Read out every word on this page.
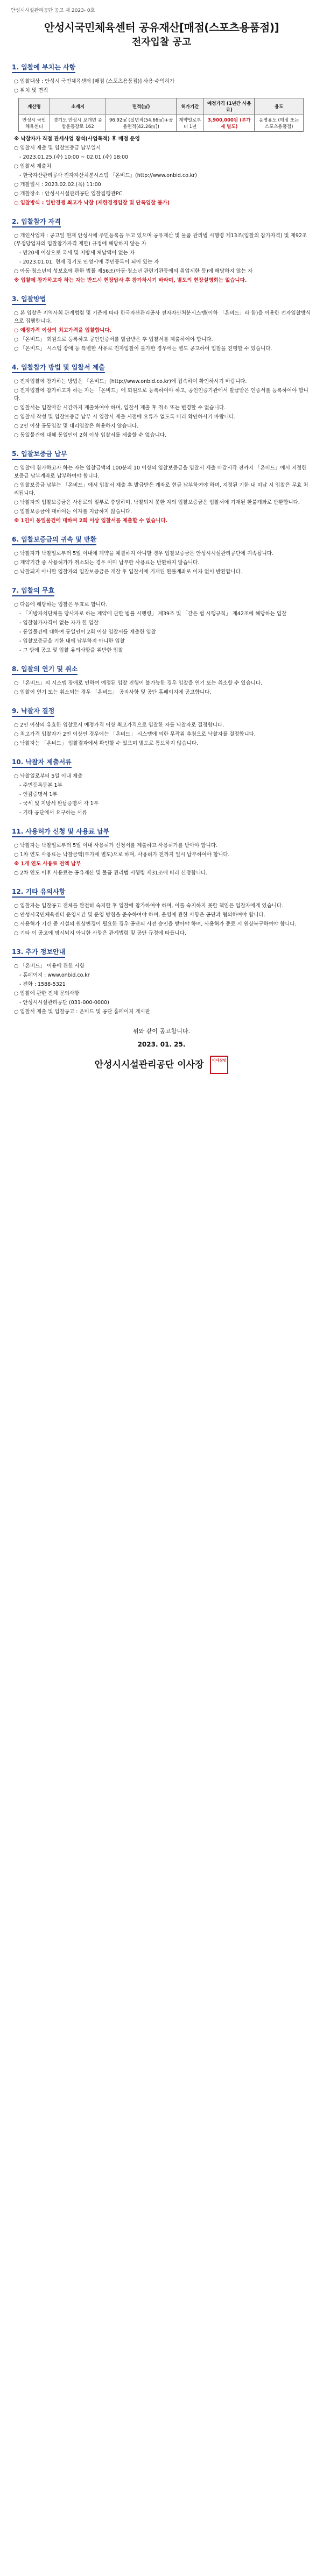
안성시시설관리공단 공고 제 2023- 0호
안성시국민체육센터 공유재산[매점(스포츠용품점)]
전자입찰 공고
1. 입찰에 부치는 사항
○ 입찰대상 : 안성시 국민체육센터 [매점 (스포츠용품점)] 사용·수익허가
○ 위치 및 면적
재산명	소재지	면적(㎡)	허가기간	예정가격 (1년간 사용료)	용도
안성시 국민체육센터	경기도 안성시 보개면 종합운동장로 162	96.92㎡ (실면적(54.66㎡)+공용면적(42.26㎡))	계약일로부터 1년	3,900,000원 (부가세 별도)	운영용도 (매점 또는 스포츠용품점)
※ 낙찰자가 직접 관세사업 참석(사업목적) 후 매점 운영
○ 입찰서 제출 및 입찰보증금 납부일시
- 2023.01.25.(수) 10:00 ~ 02.01.(수) 18:00
○ 입찰서 제출처
- 한국자산관리공사 전자자산처분시스템 「온비드」(http://www.onbid.co.kr)
○ 개찰일시 : 2023.02.02.(목) 11:00
○ 개찰장소 : 안성시시설관리공단 입찰집행관PC
○ 입찰방식 : 일반경쟁 최고가 낙찰 (제한경쟁입찰 및 단독입찰 불가)
2. 입찰참가 자격
○ 개인사업자 : 공고일 현재 안성시에 주민등록을 두고 있으며 공유재산 및 물품 관리법 시행령 제13조(입찰의 참가자격) 및 제92조(부정당업자의 입찰참가자격 제한) 규정에 해당하지 않는 자
- 만20세 이상으로 국세 및 지방세 체납액이 없는 자
- 2023.01.01. 현재 경기도 안성시에 주민등록이 되어 있는 자
○ 아동·청소년의 성보호에 관한 법률 제56조(아동·청소년 관련기관등에의 취업제한 등)에 해당하지 않는 자
※ 입찰에 참가하고자 하는 자는 반드시 현장답사 후 참가하시기 바라며, 별도의 현장설명회는 없습니다.
3. 입찰방법
○ 본 입찰은 지역사회 관계법령 및 기준에 따라 한국자산관리공사 전자자산처분시스템(이하 「온비드」라 함)을 이용한 전자입찰방식으로 집행합니다.
○ 예정가격 이상의 최고가격을 입찰합니다.
○ 「온비드」 회원으로 등록하고 공인인증서를 발급받은 후 입찰서를 제출하여야 합니다.
○ 「온비드」 시스템 장애 등 특별한 사유로 전자입찰이 불가한 경우에는 별도 공고하여 입찰을 진행할 수 있습니다.
4. 입찰참가 방법 및 입찰서 제출
○ 전자입찰에 참가하는 방법은 「온비드」(http://www.onbid.co.kr)에 접속하여 확인하시기 바랍니다.
○ 전자입찰에 참가하고자 하는 자는 「온비드」에 회원으로 등록하여야 하고, 공인인증기관에서 발급받은 인증서를 등록하여야 합니다.
○ 입찰서는 입찰마감 시간까지 제출하여야 하며, 입찰서 제출 후 취소 또는 변경할 수 없습니다.
○ 입찰서 작성 및 입찰보증금 납부 시 입찰서 제출 시점에 오류가 없도록 미리 확인하시기 바랍니다.
○ 2인 이상 공동입찰 및 대리입찰은 허용하지 않습니다.
○ 동일물건에 대해 동일인이 2회 이상 입찰서를 제출할 수 없습니다.
5. 입찰보증금 납부
○ 입찰에 참가하고자 하는 자는 입찰금액의 100분의 10 이상의 입찰보증금을 입찰서 제출 마감시각 전까지 「온비드」에서 지정한 보증금 납부계좌로 납부하여야 합니다.
○ 입찰보증금 납부는 「온비드」에서 입찰서 제출 후 발급받은 계좌로 현금 납부하여야 하며, 지정된 기한 내 미납 시 입찰은 무효 처리됩니다.
○ 낙찰자의 입찰보증금은 사용료의 일부로 충당하며, 낙찰되지 못한 자의 입찰보증금은 입찰서에 기재된 환불계좌로 반환합니다.
○ 입찰보증금에 대하여는 이자를 지급하지 않습니다.
※ 1인이 동일물건에 대하여 2회 이상 입찰서를 제출할 수 없습니다.
6. 입찰보증금의 귀속 및 반환
○ 낙찰자가 낙찰일로부터 5일 이내에 계약을 체결하지 아니할 경우 입찰보증금은 안성시시설관리공단에 귀속됩니다.
○ 계약기간 중 사용허가가 취소되는 경우 이미 납부한 사용료는 반환하지 않습니다.
○ 낙찰되지 아니한 입찰자의 입찰보증금은 개찰 후 입찰서에 기재된 환불계좌로 이자 없이 반환합니다.
7. 입찰의 무효
○ 다음에 해당하는 입찰은 무효로 합니다.
- 「지방자치단체를 당사자로 하는 계약에 관한 법률 시행령」 제39조 및 「같은 법 시행규칙」 제42조에 해당하는 입찰
- 입찰참가자격이 없는 자가 한 입찰
- 동일물건에 대하여 동일인이 2회 이상 입찰서를 제출한 입찰
- 입찰보증금을 기한 내에 납부하지 아니한 입찰
- 그 밖에 공고 및 입찰 유의사항을 위반한 입찰
8. 입찰의 연기 및 취소
○ 「온비드」의 시스템 장애로 인하여 예정된 입찰 진행이 불가능한 경우 입찰을 연기 또는 취소할 수 있습니다.
○ 입찰이 연기 또는 취소되는 경우 「온비드」 공지사항 및 공단 홈페이지에 공고합니다.
9. 낙찰자 결정
○ 2인 이상의 유효한 입찰로서 예정가격 이상 최고가격으로 입찰한 자를 낙찰자로 결정합니다.
○ 최고가격 입찰자가 2인 이상인 경우에는 「온비드」 시스템에 의한 무작위 추첨으로 낙찰자를 결정합니다.
○ 낙찰자는 「온비드」 입찰결과에서 확인할 수 있으며 별도로 통보하지 않습니다.
10. 낙찰자 제출서류
○ 낙찰일로부터 5일 이내 제출
- 주민등록등본 1부
- 인감증명서 1부
- 국세 및 지방세 완납증명서 각 1부
- 기타 공단에서 요구하는 서류
11. 사용허가 신청 및 사용료 납부
○ 낙찰자는 낙찰일로부터 5일 이내 사용허가 신청서를 제출하고 사용허가를 받아야 합니다.
○ 1차 연도 사용료는 낙찰금액(부가세 별도)으로 하며, 사용허가 전까지 일시 납부하여야 합니다.
※ 1개 연도 사용료 전액 납부
○ 2차 연도 이후 사용료는 공유재산 및 물품 관리법 시행령 제31조에 따라 산정합니다.
12. 기타 유의사항
○ 입찰자는 입찰공고 전체를 완전히 숙지한 후 입찰에 참가하여야 하며, 이를 숙지하지 못한 책임은 입찰자에게 있습니다.
○ 안성시국민체육센터 운영시간 및 운영 방침을 준수하여야 하며, 운영에 관한 사항은 공단과 협의하여야 합니다.
○ 사용허가 기간 중 시설의 원상변경이 필요한 경우 공단의 사전 승인을 받아야 하며, 사용허가 종료 시 원상복구하여야 합니다.
○ 기타 이 공고에 명시되지 아니한 사항은 관계법령 및 공단 규정에 따릅니다.
13. 추가 정보안내
○ 「온비드」 이용에 관한 사항
- 홈페이지 : www.onbid.co.kr
- 전화 : 1588-5321
○ 입찰에 관한 전체 문의사항
- 안성시시설관리공단 (031-000-0000)
○ 입찰서 제출 및 입찰공고 : 온비드 및 공단 홈페이지 게시판
위와 같이 공고합니다.
2023. 01. 25.
안성시시설관리공단 이사장 이사장인
